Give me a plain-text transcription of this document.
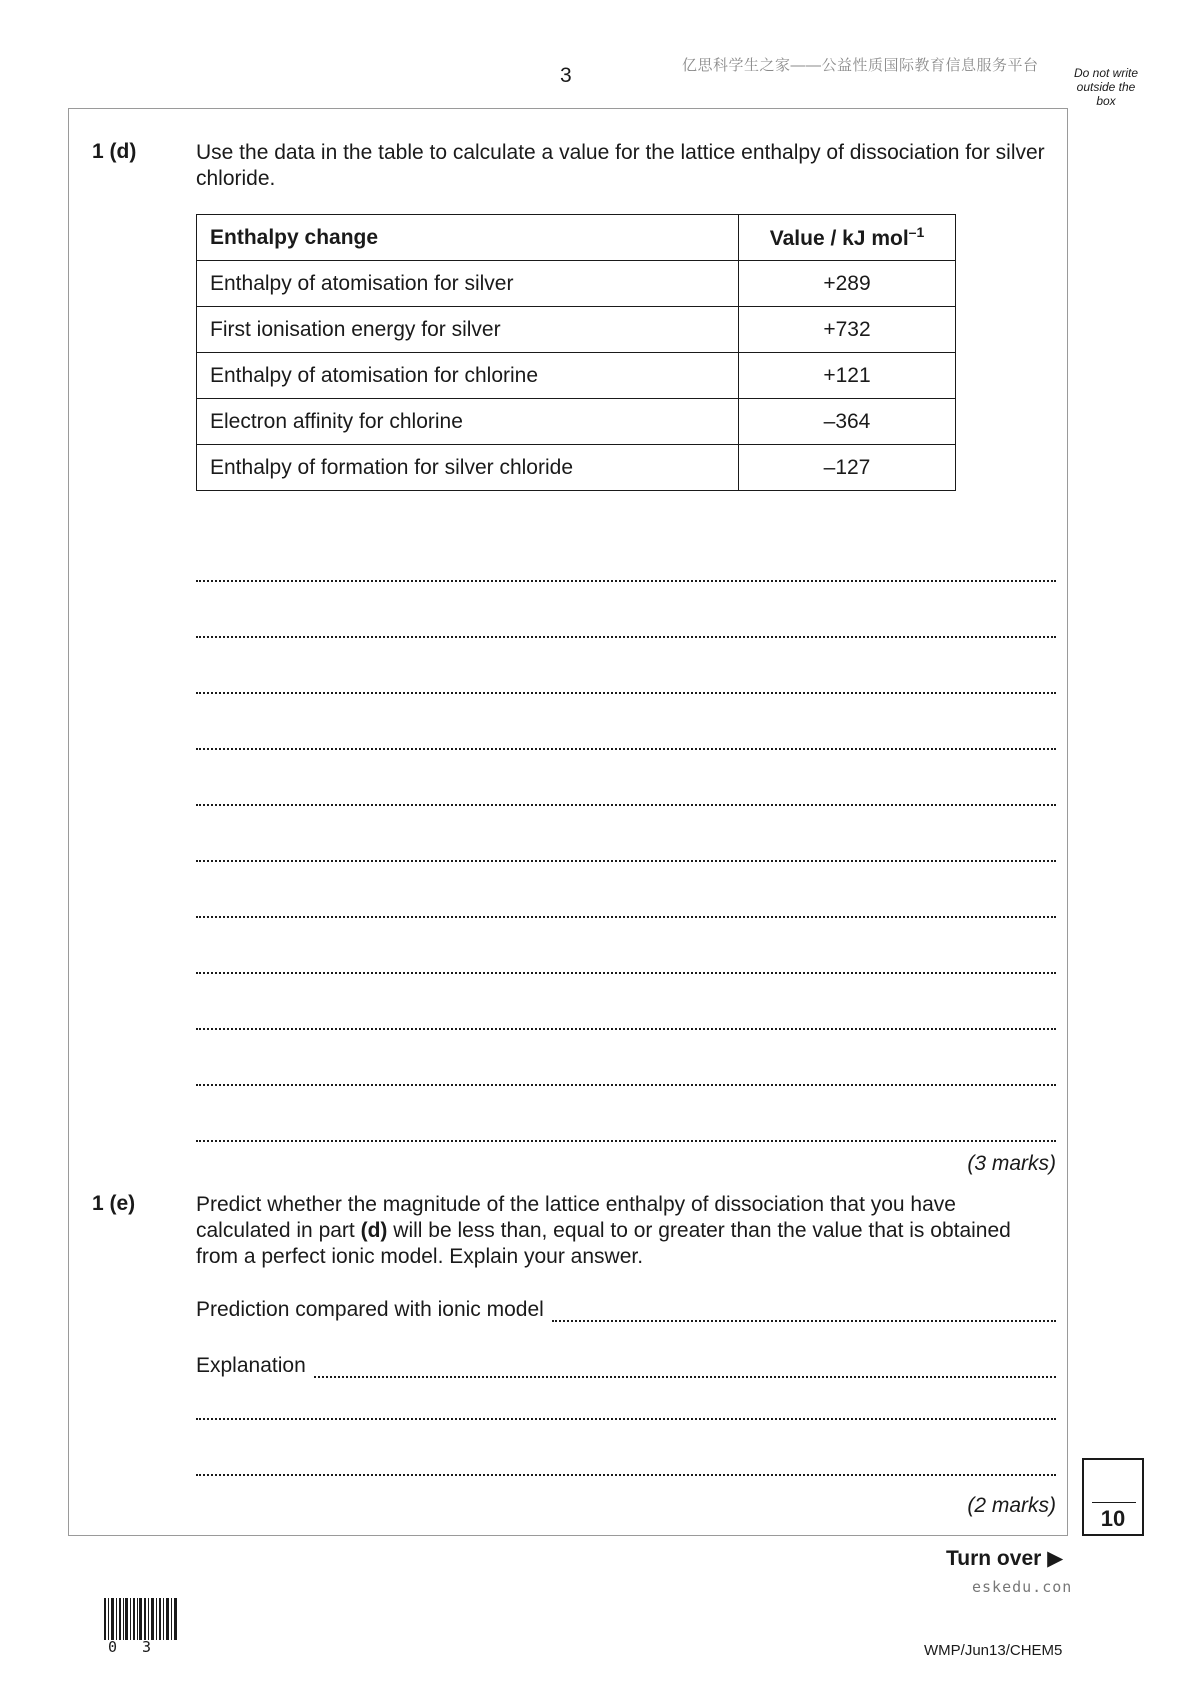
3	亿思科学生之家——公益性质国际教育信息服务平台	Do not write outside the box
1 (d)	Use the data in the table to calculate a value for the lattice enthalpy of dissociation for silver chloride.
Enthalpy change	Value / kJ mol$^{-1}$
Enthalpy of atomisation for silver	+289
First ionisation energy for silver	+732
Enthalpy of atomisation for chlorine	+121
Electron affinity for chlorine	–364
Enthalpy of formation for silver chloride	–127
(3 marks)
1 (e)	Predict whether the magnitude of the lattice enthalpy of dissociation that you have calculated in part (d) will be less than, equal to or greater than the value that is obtained from a perfect ionic model. Explain your answer.
Prediction compared with ionic model
Explanation
(2 marks)
10
Turn over ▶
eskedu.con
0 3	WMP/Jun13/CHEM5
